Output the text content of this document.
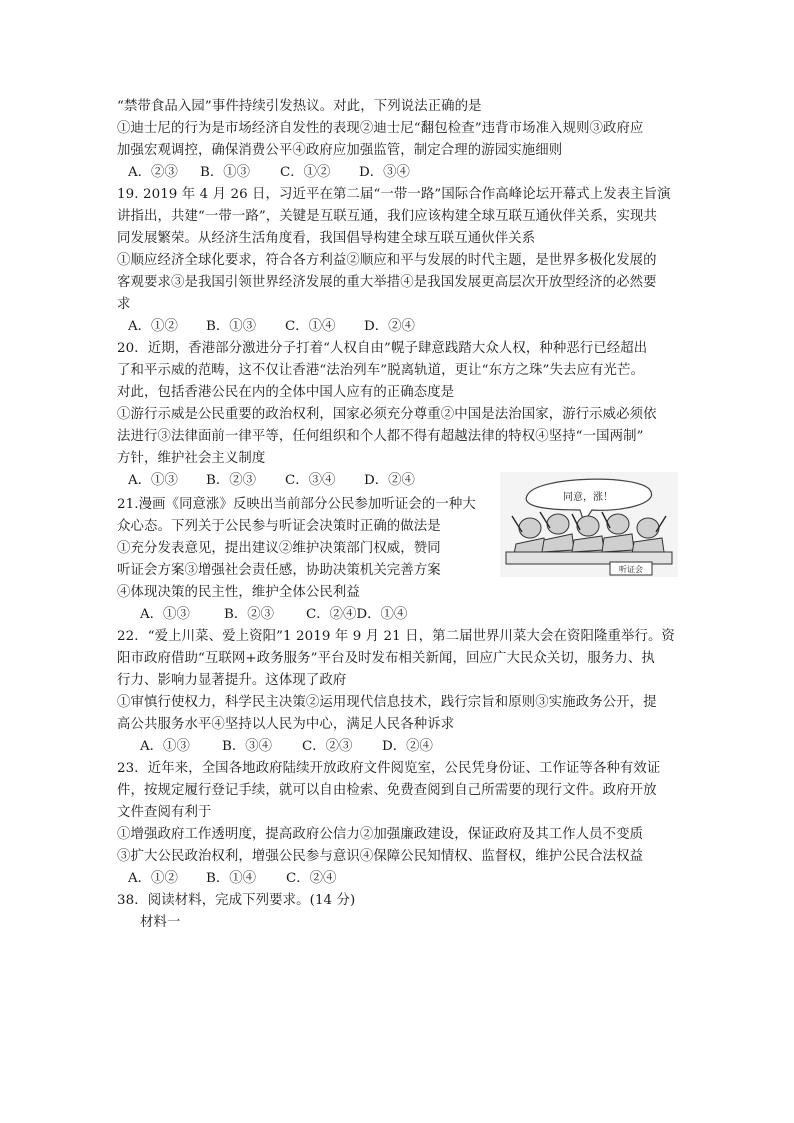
“禁带食品入园”事件持续引发热议。对此，下列说法正确的是
①迪士尼的行为是市场经济自发性的表现②迪士尼“翻包检查”违背市场准入规则③政府应
加强宏观调控，确保消费公平④政府应加强监管，制定合理的游园实施细则
A．②③ B．①③ C．①② D．③④
19. 2019 年 4 月 26 日，习近平在第二届“一带一路”国际合作高峰论坛开幕式上发表主旨演
讲指出，共建“一带一路”，关键是互联互通，我们应该构建全球互联互通伙伴关系，实现共
同发展繁荣。从经济生活角度看，我国倡导构建全球互联互通伙伴关系
①顺应经济全球化要求，符合各方利益②顺应和平与发展的时代主题，是世界多极化发展的
客观要求③是我国引领世界经济发展的重大举措④是我国发展更高层次开放型经济的必然要
求
A．①② B．①③ C．①④ D．②④
20．近期，香港部分激进分子打着“人权自由”幌子肆意践踏大众人权，种种恶行已经超出
了和平示威的范畴，这不仅让香港“法治列车”脱离轨道，更让“东方之珠”失去应有光芒。
对此，包括香港公民在内的全体中国人应有的正确态度是
①游行示威是公民重要的政治权利，国家必须充分尊重②中国是法治国家，游行示威必须依
法进行③法律面前一律平等，任何组织和个人都不得有超越法律的特权④坚持“一国两制”
方针，维护社会主义制度
A．①③ B．②③ C．③④ D．②④
21.漫画《同意涨》反映出当前部分公民参加听证会的一种大
众心态。下列关于公民参与听证会决策时正确的做法是
①充分发表意见，提出建议②维护决策部门权威，赞同
听证会方案③增强社会责任感，协助决策机关完善方案
④体现决策的民主性，维护全体公民利益
A．①③	B．②③ C．②④D．①④
同意，涨！
听证会
22．“爱上川菜、爱上资阳”1 2019 年 9 月 21 日，第二届世界川菜大会在资阳隆重举行。资
阳市政府借助“互联网+政务服务”平台及时发布相关新闻，回应广大民众关切，服务力、执
行力、影响力显著提升。这体现了政府
①审慎行使权力，科学民主决策②运用现代信息技术，践行宗旨和原则③实施政务公开，提
高公共服务水平④坚持以人民为中心，满足人民各种诉求
A．①③ B．③④ C．②③ D．②④
23．近年来，全国各地政府陆续开放政府文件阅览室，公民凭身份证、工作证等各种有效证
件，按规定履行登记手续，就可以自由检索、免费查阅到自己所需要的现行文件。政府开放
文件查阅有利于
①增强政府工作透明度，提高政府公信力②加强廉政建设，保证政府及其工作人员不变质
③扩大公民政治权利，增强公民参与意识④保障公民知情权、监督权，维护公民合法权益
A．①② B．①④ C．②④
38．阅读材料，完成下列要求。(14 分)
材料一
